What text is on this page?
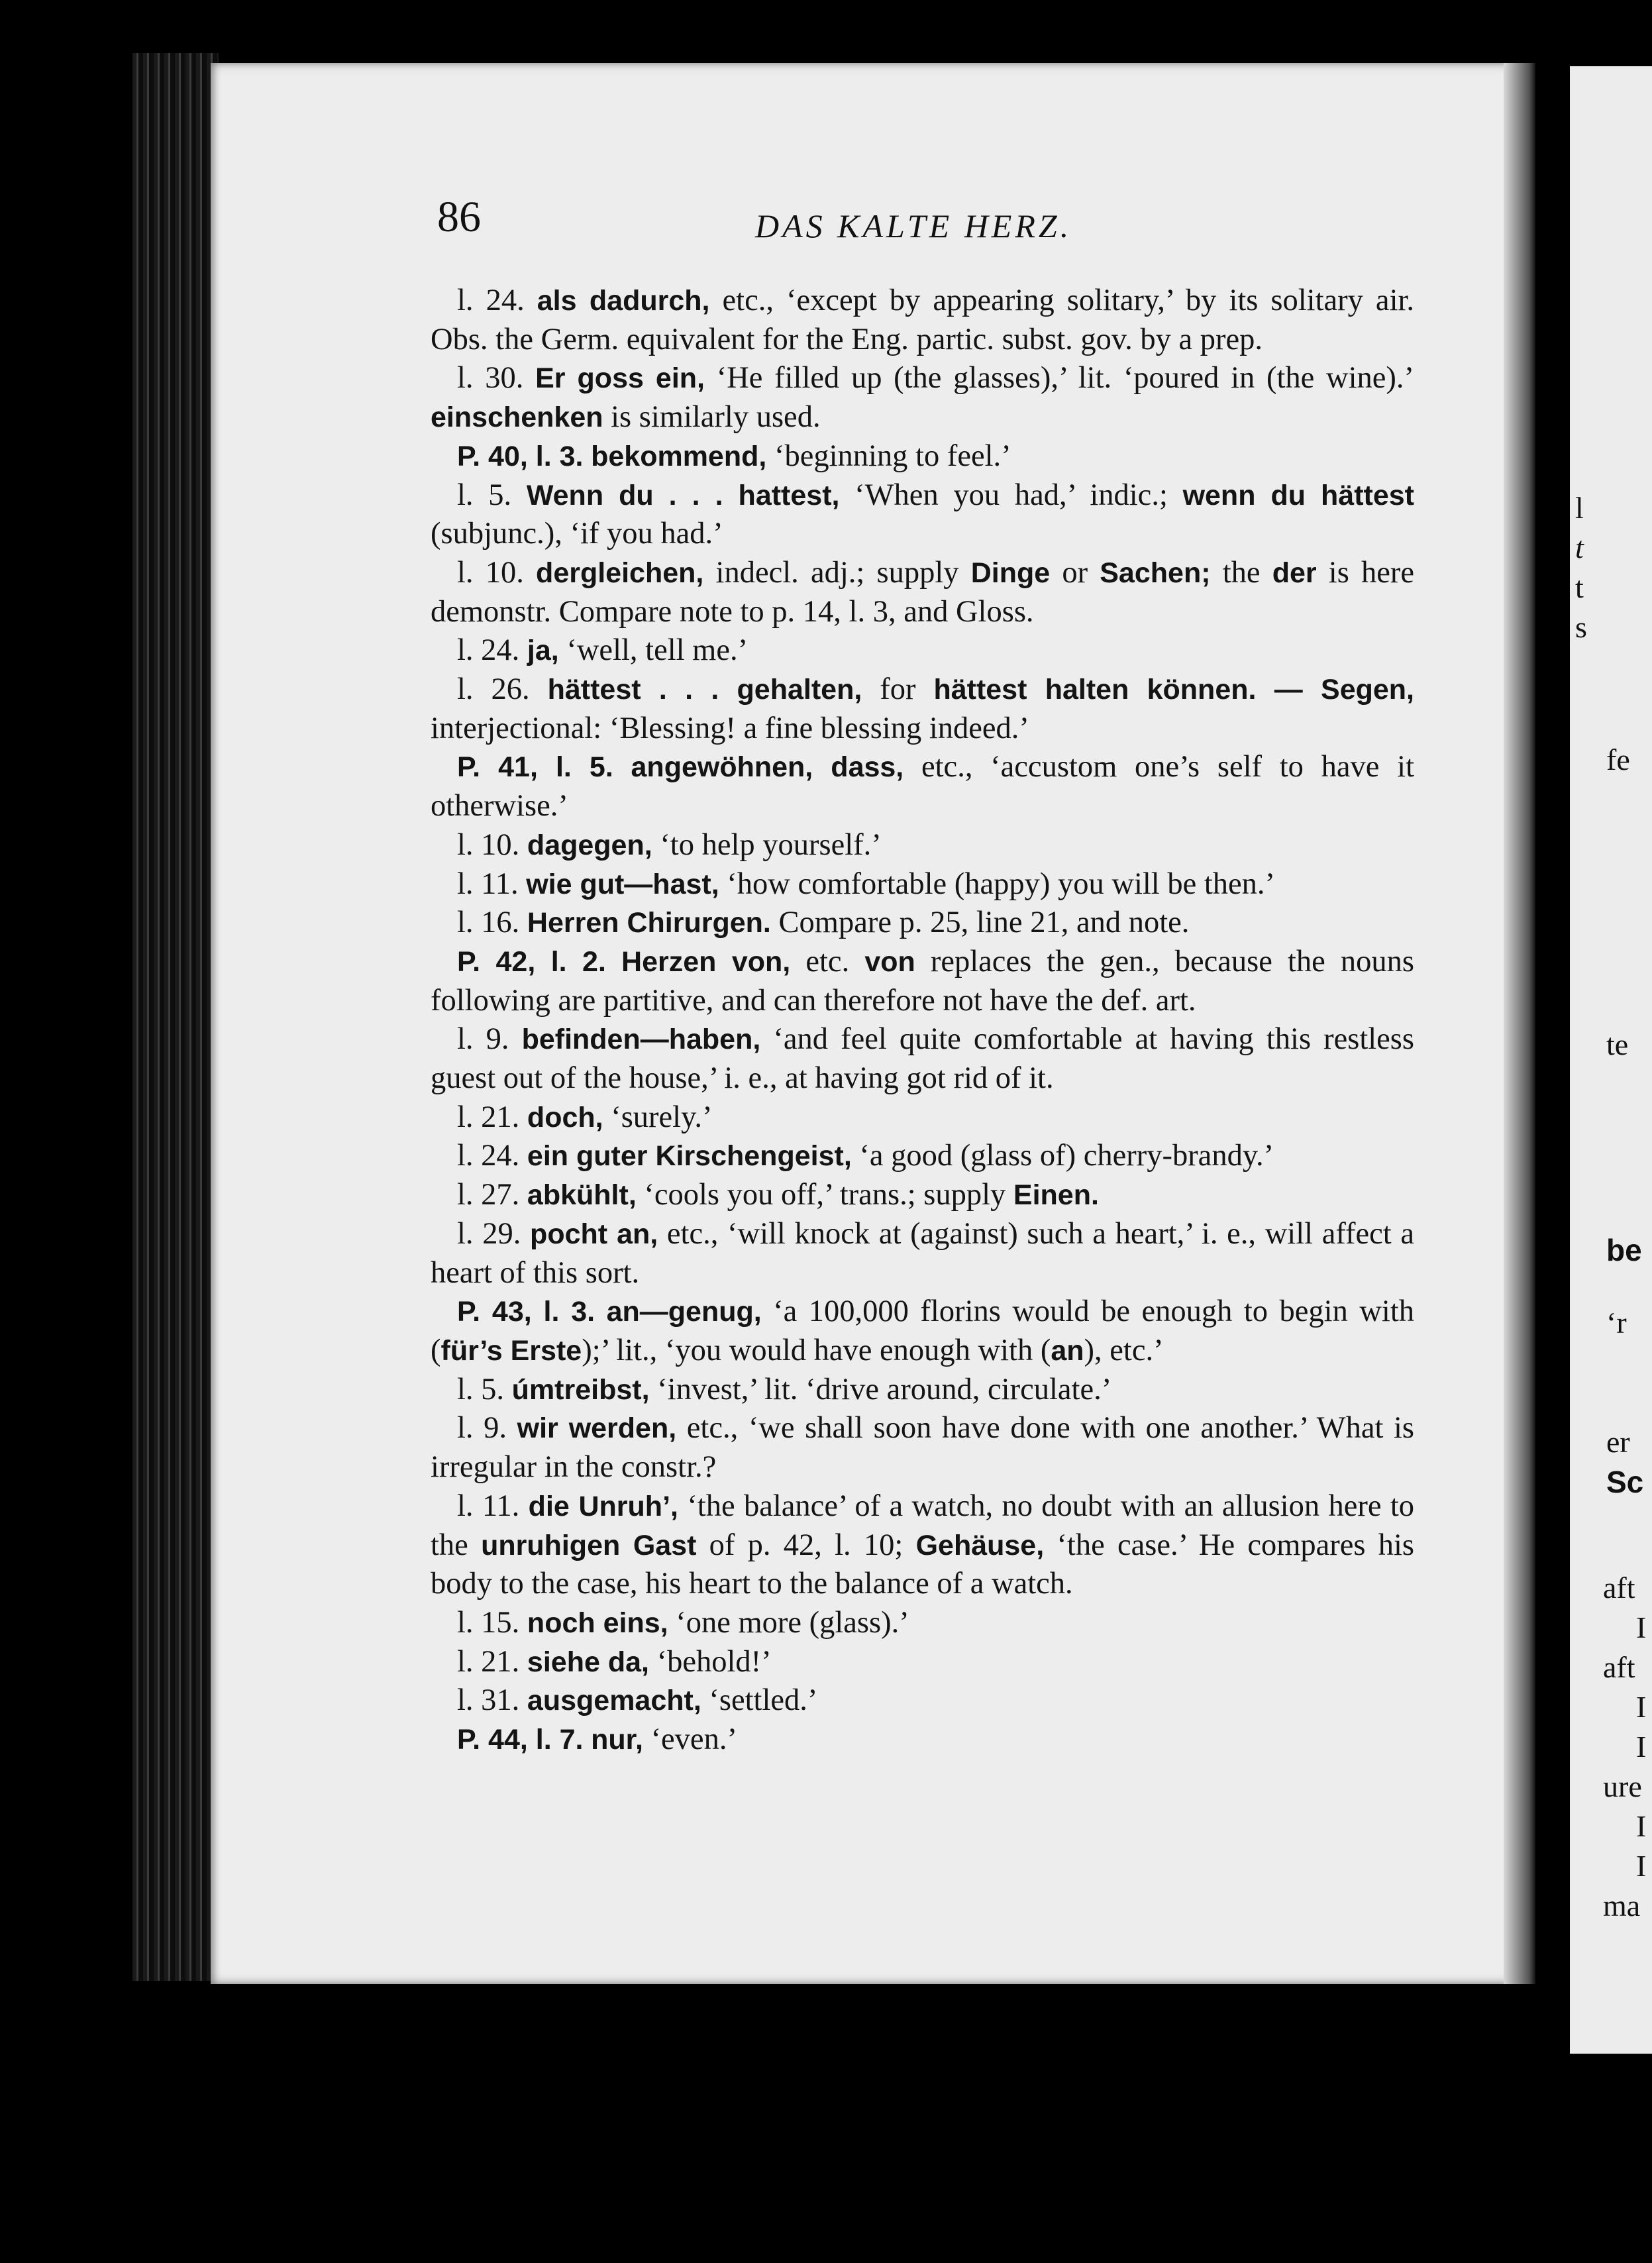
l
t
t
s
fe
te
be
‘r
er
Sc
aft
I
aft
I
I
ure
I
I
ma
86	DAS KALTE HERZ.

l. 24. als dadurch, etc., ‘except by appearing solitary,’ by its solitary air. Obs. the Germ. equivalent for the Eng. partic. subst. gov. by a prep.

l. 30. Er goss ein, ‘He filled up (the glasses),’ lit. ‘poured in (the wine).’ einschenken is similarly used.

P. 40, l. 3. bekommend, ‘beginning to feel.’

l. 5. Wenn du . . . hattest, ‘When you had,’ indic.; wenn du hättest (subjunc.), ‘if you had.’

l. 10. dergleichen, indecl. adj.; supply Dinge or Sachen; the der is here demonstr. Compare note to p. 14, l. 3, and Gloss.

l. 24. ja, ‘well, tell me.’

l. 26. hättest . . . gehalten, for hättest halten können. — Segen, interjectional: ‘Blessing! a fine blessing indeed.’

P. 41, l. 5. angewöhnen, dass, etc., ‘accustom one’s self to have it otherwise.’

l. 10. dagegen, ‘to help yourself.’

l. 11. wie gut—hast, ‘how comfortable (happy) you will be then.’

l. 16. Herren Chirurgen. Compare p. 25, line 21, and note.

P. 42, l. 2. Herzen von, etc. von replaces the gen., because the nouns following are partitive, and can therefore not have the def. art.

l. 9. befinden—haben, ‘and feel quite comfortable at having this restless guest out of the house,’ i. e., at having got rid of it.

l. 21. doch, ‘surely.’

l. 24. ein guter Kirschengeist, ‘a good (glass of) cherry-brandy.’

l. 27. abkühlt, ‘cools you off,’ trans.; supply Einen.

l. 29. pocht an, etc., ‘will knock at (against) such a heart,’ i. e., will affect a heart of this sort.

P. 43, l. 3. an—genug, ‘a 100,000 florins would be enough to begin with (für’s Erste);’ lit., ‘you would have enough with (an), etc.’

l. 5. úmtreibst, ‘invest,’ lit. ‘drive around, circulate.’

l. 9. wir werden, etc., ‘we shall soon have done with one another.’ What is irregular in the constr.?

l. 11. die Unruh’, ‘the balance’ of a watch, no doubt with an allusion here to the unruhigen Gast of p. 42, l. 10; Gehäuse, ‘the case.’ He compares his body to the case, his heart to the balance of a watch.

l. 15. noch eins, ‘one more (glass).’

l. 21. siehe da, ‘behold!’

l. 31. ausgemacht, ‘settled.’

P. 44, l. 7. nur, ‘even.’
